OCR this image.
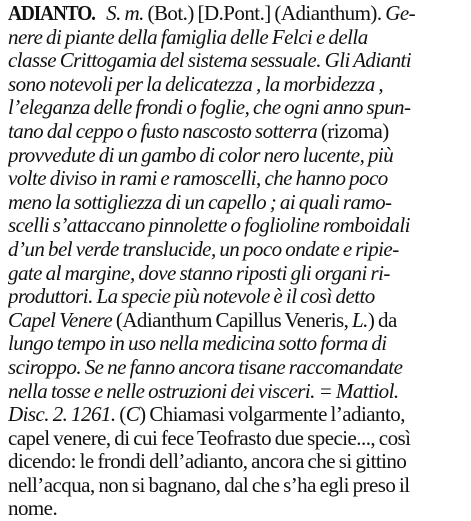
ADIANTO. S. m. (Bot.) [D.Pont.] (Adianthum). Ge-
nere di piante della famiglia delle Felci e della
classe Crittogamia del sistema sessuale. Gli Adianti
sono notevoli per la delicatezza , la morbidezza ,
l’eleganza delle frondi o foglie, che ogni anno spun-
tano dal ceppo o fusto nascosto sotterra (rizoma)
provvedute di un gambo di color nero lucente, più
volte diviso in rami e ramoscelli, che hanno poco
meno la sottigliezza di un capello ; ai quali ramo-
scelli s’attaccano pinnolette o foglioline romboidali
d’un bel verde translucide, un poco ondate e ripie-
gate al margine, dove stanno riposti gli organi ri-
produttori. La specie più notevole è il così detto
Capel Venere (Adianthum Capillus Veneris, L.) da
lungo tempo in uso nella medicina sotto forma di
sciroppo. Se ne fanno ancora tisane raccomandate
nella tosse e nelle ostruzioni dei visceri. = Mattiol.
Disc. 2. 1261. (C) Chiamasi volgarmente l’adianto,
capel venere, di cui fece Teofrasto due specie..., così
dicendo: le frondi dell’adianto, ancora che si gittino
nell’acqua, non si bagnano, dal che s’ha egli preso il
nome.
